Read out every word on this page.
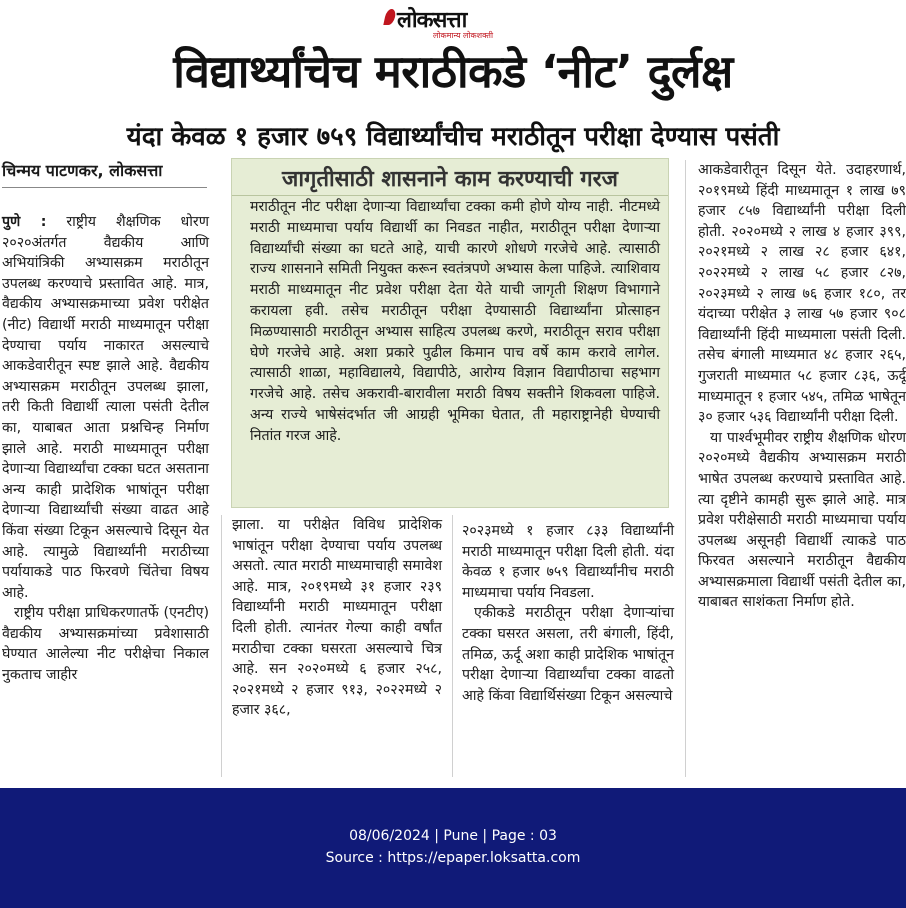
लोकसत्ता
लोकमान्य लोकशक्ती
विद्यार्थ्यांचेच मराठीकडे ‘नीट’ दुर्लक्ष
यंदा केवळ १ हजार ७५९ विद्यार्थ्यांचीच मराठीतून परीक्षा देण्यास पसंती
चिन्मय पाटणकर, लोकसत्ता

पुणे : राष्ट्रीय शैक्षणिक धोरण २०२०अंतर्गत वैद्यकीय आणि अभियांत्रिकी अभ्यासक्रम मराठीतून उपलब्ध करण्याचे प्रस्तावित आहे. मात्र, वैद्यकीय अभ्यासक्रमाच्या प्रवेश परीक्षेत (नीट) विद्यार्थी मराठी माध्यमातून परीक्षा देण्याचा पर्याय नाकारत असल्याचे आकडेवारीतून स्पष्ट झाले आहे. वैद्यकीय अभ्यासक्रम मराठीतून उपलब्ध झाला, तरी किती विद्यार्थी त्याला पसंती देतील का, याबाबत आता प्रश्नचिन्ह निर्माण झाले आहे. मराठी माध्यमातून परीक्षा देणाऱ्या विद्यार्थ्यांचा टक्का घटत असताना अन्य काही प्रादेशिक भाषांतून परीक्षा देणाऱ्या विद्यार्थ्यांची संख्या वाढत आहे किंवा संख्या टिकून असल्याचे दिसून येत आहे. त्यामुळे विद्यार्थ्यांनी मराठीच्या पर्यायाकडे पाठ फिरवणे चिंतेचा विषय आहे.

राष्ट्रीय परीक्षा प्राधिकरणातर्फे (एनटीए) वैद्यकीय अभ्यासक्रमांच्या प्रवेशासाठी घेण्यात आलेल्या नीट परीक्षेचा निकाल नुकताच जाहीर

जागृतीसाठी शासनाने काम करण्याची गरज
मराठीतून नीट परीक्षा देणाऱ्या विद्यार्थ्यांचा टक्का कमी होणे योग्य नाही. नीटमध्ये मराठी माध्यमाचा पर्याय विद्यार्थी का निवडत नाहीत, मराठीतून परीक्षा देणाऱ्या विद्यार्थ्यांची संख्या का घटते आहे, याची कारणे शोधणे गरजेचे आहे. त्यासाठी राज्य शासनाने समिती नियुक्त करून स्वतंत्रपणे अभ्यास केला पाहिजे. त्याशिवाय मराठी माध्यमातून नीट प्रवेश परीक्षा देता येते याची जागृती शिक्षण विभागाने करायला हवी. तसेच मराठीतून परीक्षा देण्यासाठी विद्यार्थ्यांना प्रोत्साहन मिळण्यासाठी मराठीतून अभ्यास साहित्य उपलब्ध करणे, मराठीतून सराव परीक्षा घेणे गरजेचे आहे. अशा प्रकारे पुढील किमान पाच वर्षे काम करावे लागेल. त्यासाठी शाळा, महाविद्यालये, विद्यापीठे, आरोग्य विज्ञान विद्यापीठाचा सहभाग गरजेचे आहे. तसेच अकरावी-बारावीला मराठी विषय सक्तीने शिकवला पाहिजे. अन्य राज्ये भाषेसंदर्भात जी आग्रही भूमिका घेतात, ती महाराष्ट्रानेही घेण्याची नितांत गरज आहे.

झाला. या परीक्षेत विविध प्रादेशिक भाषांतून परीक्षा देण्याचा पर्याय उपलब्ध असतो. त्यात मराठी माध्यमाचाही समावेश आहे. मात्र, २०१९मध्ये ३१ हजार २३९ विद्यार्थ्यांनी मराठी माध्यमातून परीक्षा दिली होती. त्यानंतर गेल्या काही वर्षांत मराठीचा टक्का घसरता असल्याचे चित्र आहे. सन २०२०मध्ये ६ हजार २५८, २०२१मध्ये २ हजार ९१३, २०२२मध्ये २ हजार ३६८,

२०२३मध्ये १ हजार ८३३ विद्यार्थ्यांनी मराठी माध्यमातून परीक्षा दिली होती. यंदा केवळ १ हजार ७५९ विद्यार्थ्यांनीच मराठी माध्यमाचा पर्याय निवडला.

एकीकडे मराठीतून परीक्षा देणाऱ्यांचा टक्का घसरत असला, तरी बंगाली, हिंदी, तमिळ, ऊर्दू अशा काही प्रादेशिक भाषांतून परीक्षा देणाऱ्या विद्यार्थ्यांचा टक्का वाढतो आहे किंवा विद्यार्थिसंख्या टिकून असल्याचे

आकडेवारीतून दिसून येते. उदाहरणार्थ, २०१९मध्ये हिंदी माध्यमातून १ लाख ७९ हजार ८५७ विद्यार्थ्यांनी परीक्षा दिली होती. २०२०मध्ये २ लाख ४ हजार ३९९, २०२१मध्ये २ लाख २८ हजार ६४१, २०२२मध्ये २ लाख ५८ हजार ८२७, २०२३मध्ये २ लाख ७६ हजार १८०, तर यंदाच्या परीक्षेत ३ लाख ५७ हजार ९०८ विद्यार्थ्यांनी हिंदी माध्यमाला पसंती दिली. तसेच बंगाली माध्यमात ४८ हजार २६५, गुजराती माध्यमात ५८ हजार ८३६, ऊर्दू माध्यमातून १ हजार ५४५, तमिळ भाषेतून ३० हजार ५३६ विद्यार्थ्यांनी परीक्षा दिली.

या पार्श्वभूमीवर राष्ट्रीय शैक्षणिक धोरण २०२०मध्ये वैद्यकीय अभ्यासक्रम मराठी भाषेत उपलब्ध करण्याचे प्रस्तावित आहे. त्या दृष्टीने कामही सुरू झाले आहे. मात्र प्रवेश परीक्षेसाठी मराठी माध्यमाचा पर्याय उपलब्ध असूनही विद्यार्थी त्याकडे पाठ फिरवत असल्याने मराठीतून वैद्यकीय अभ्यासक्रमाला विद्यार्थी पसंती देतील का, याबाबत साशंकता निर्माण होते.

08/06/2024 | Pune | Page : 03
Source : https://epaper.loksatta.com
